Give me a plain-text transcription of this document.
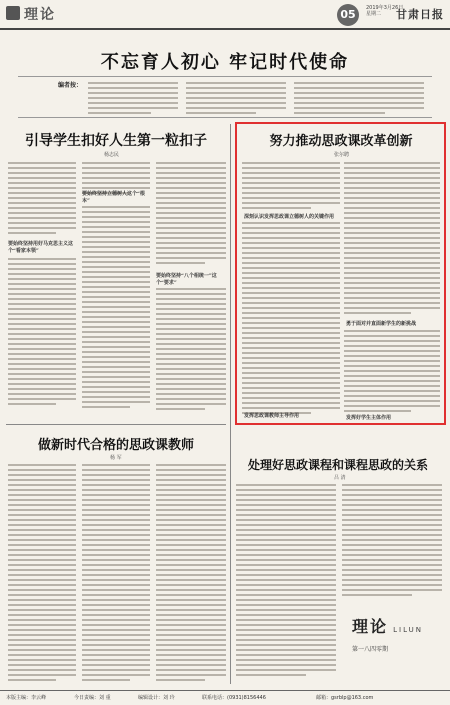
理论	05	2019年3月26日
星期二	甘肃日报
不忘育人初心 牢记时代使命
编者按：
引导学生扣好人生第一粒扣子
杨志民
要始终坚持用好马克思主义这个“看家本领”
要始终坚持立德树人这个“根本”
要始终坚持“八个相统一”这个“要求”
努力推动思政课改革创新
张尔聘
深刻认识发挥思政课立德树人的关键作用
发挥思政课教师主导作用
勇于面对并直面新学生的新挑战
发挥好学生主体作用
做新时代合格的思政课教师
杨 军	处理好思政课程和课程思政的关系
吕 清
理论 LILUN
第一八四零期
本版主编：李云峰	今日责编：刘 重	编辑设计：刘 玲	联系电话：(0931)8156446	邮箱：gsrblp@163.com
